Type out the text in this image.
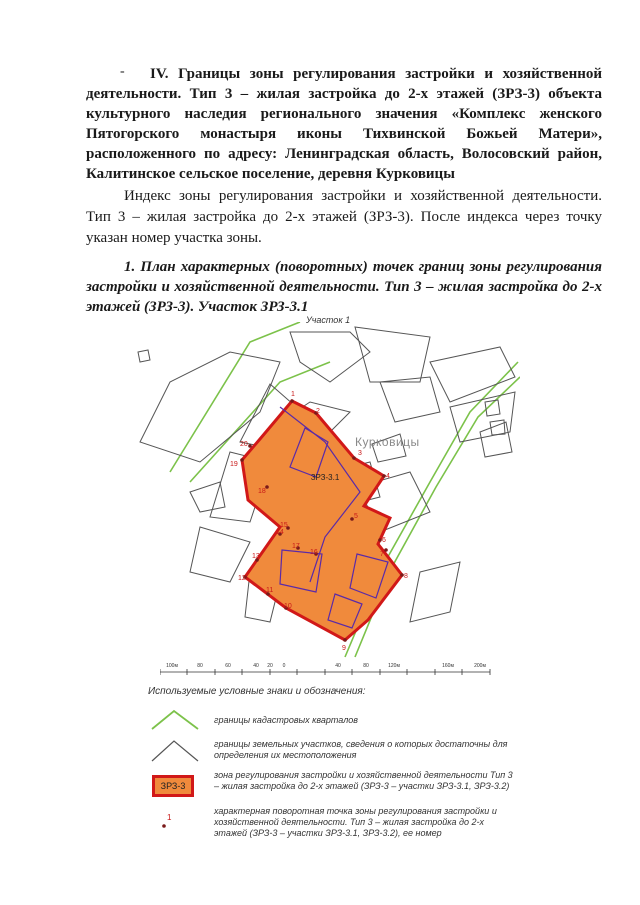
-	IV. Границы зоны регулирования застройки и хозяйственной деятельности. Тип 3 – жилая застройка до 2-х этажей (ЗРЗ-3) объекта культурного наследия регионального значения «Комплекс женского Пятогорского монастыря иконы Тихвинской Божьей Матери», расположенного по адресу: Ленинградская область, Волосовский район, Калитинское сельское поселение, деревня Курковицы
Индекс зоны регулирования застройки и хозяйственной деятельности. Тип 3 – жилая застройка до 2-х этажей (ЗРЗ-3). После индекса через точку указан номер участка зоны.
1. План характерных (поворотных) точек границ зоны регулирования застройки и хозяйственной деятельности. Тип 3 – жилая застройка до 2-х этажей (ЗРЗ-3). Участок ЗРЗ-3.1
Участок 1
ЗРЗ-3.1
Курковицы
1
2
3
4
5
6
7
8
9
10
11
12
13
14
15
16
17
18
19
20
100м	80	60	40 20 0	40	80	120м	160м	200м
Используемые условные знаки и обозначения:
границы кадастровых кварталов
границы земельных участков, сведения о которых достаточны для определения их местоположения
ЗРЗ-3
зона регулирования застройки и хозяйственной деятельности Тип 3 – жилая застройка до 2-х этажей (ЗРЗ-3 – участки ЗРЗ-3.1, ЗРЗ-3.2)
1
характерная поворотная точка зоны регулирования застройки и хозяйственной деятельности. Тип 3 – жилая застройка до 2-х этажей (ЗРЗ-3 – участки ЗРЗ-3.1, ЗРЗ-3.2), ее номер
